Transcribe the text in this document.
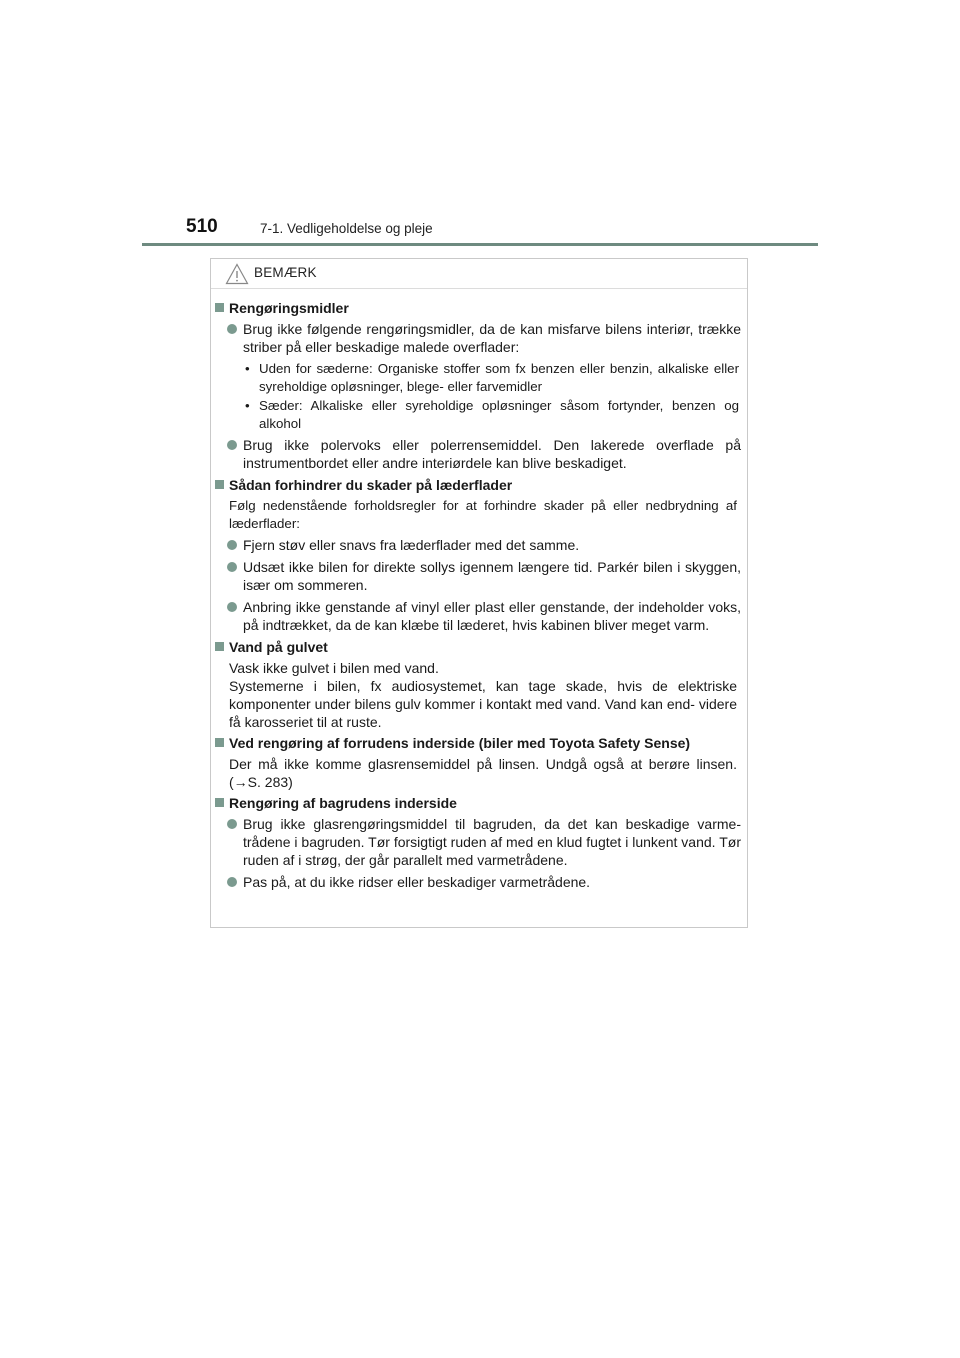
510	7-1. Vedligeholdelse og pleje
BEMÆRK
Rengøringsmidler
Brug ikke følgende rengøringsmidler, da de kan misfarve bilens interiør, trække striber på eller beskadige malede overflader:
• Uden for sæderne: Organiske stoffer som fx benzen eller benzin, alkaliske eller syreholdige opløsninger, blege- eller farvemidler
• Sæder: Alkaliske eller syreholdige opløsninger såsom fortynder, benzen og alkohol
Brug ikke polervoks eller polerrensemiddel. Den lakerede overflade på instrumentbordet eller andre interiørdele kan blive beskadiget.
Sådan forhindrer du skader på læderflader
Følg nedenstående forholdsregler for at forhindre skader på eller nedbrydning af læderflader:
Fjern støv eller snavs fra læderflader med det samme.
Udsæt ikke bilen for direkte sollys igennem længere tid. Parkér bilen i skyggen, især om sommeren.
Anbring ikke genstande af vinyl eller plast eller genstande, der indeholder voks, på indtrækket, da de kan klæbe til læderet, hvis kabinen bliver meget varm.
Vand på gulvet
Vask ikke gulvet i bilen med vand.
Systemerne i bilen, fx audiosystemet, kan tage skade, hvis de elektriske komponenter under bilens gulv kommer i kontakt med vand. Vand kan end- videre få karosseriet til at ruste.
Ved rengøring af forrudens inderside (biler med Toyota Safety Sense)
Der må ikke komme glasrensemiddel på linsen. Undgå også at berøre linsen. (→S. 283)
Rengøring af bagrudens inderside
Brug ikke glasrengøringsmiddel til bagruden, da det kan beskadige varme- trådene i bagruden. Tør forsigtigt ruden af med en klud fugtet i lunkent vand. Tør ruden af i strøg, der går parallelt med varmetrådene.
Pas på, at du ikke ridser eller beskadiger varmetrådene.
